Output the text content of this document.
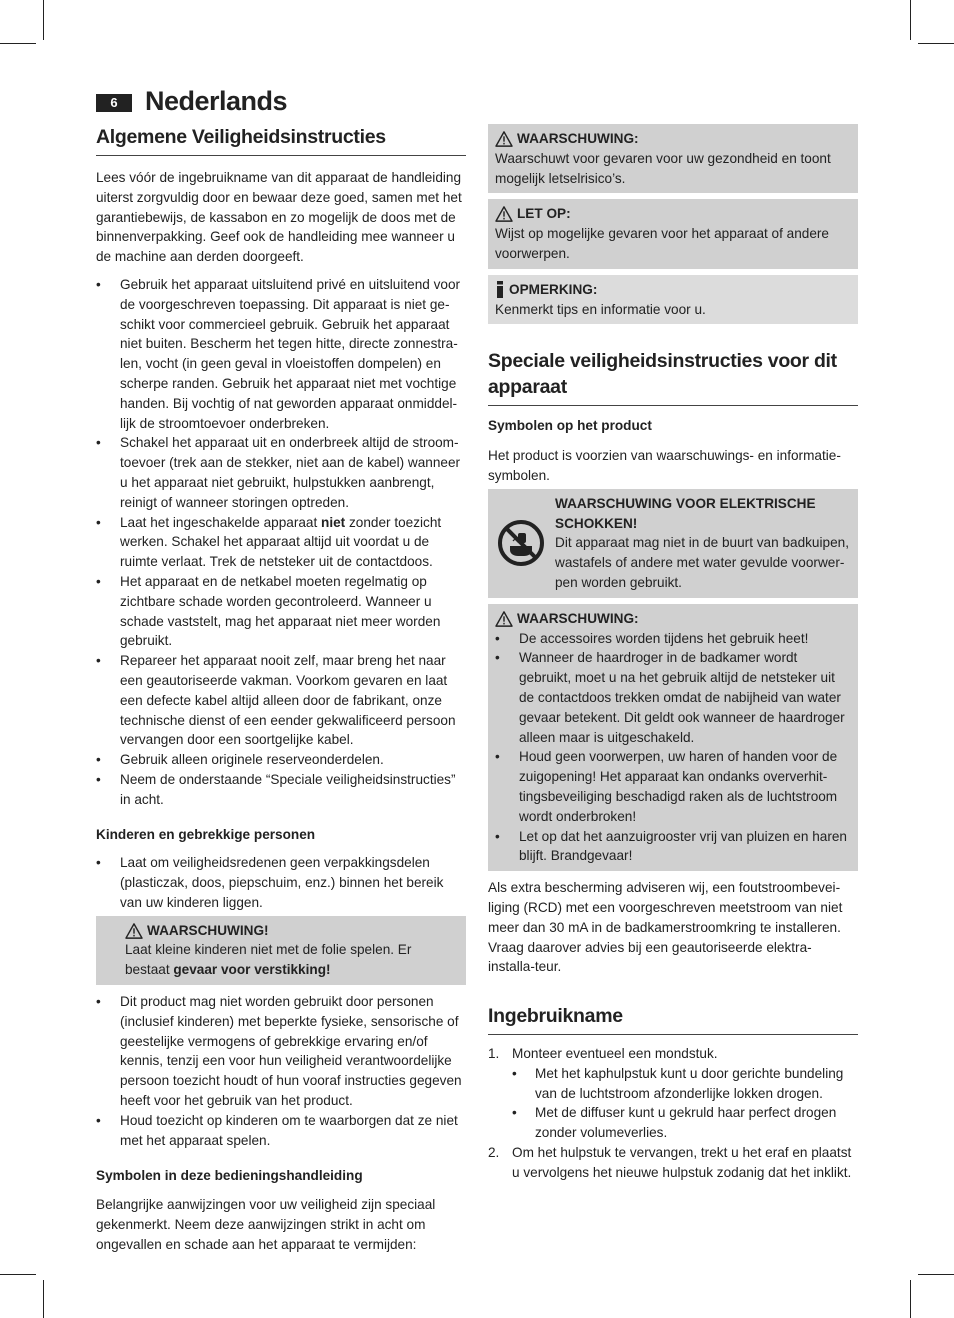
6	Nederlands
Algemene Veiligheidsinstructies

Lees vóór de ingebruikname van dit apparaat de handleiding uiterst zorgvuldig door en bewaar deze goed, samen met het garantiebewijs, de kassabon en zo mogelijk de doos met de binnenverpakking. Geef ook de handleiding mee wanneer u de machine aan derden doorgeeft.

• Gebruik het apparaat uitsluitend privé en uitsluitend voor de voorgeschreven toepassing. Dit apparaat is niet ge-schikt voor commercieel gebruik. Gebruik het apparaat niet buiten. Bescherm het tegen hitte, directe zonnestra-len, vocht (in geen geval in vloeistoffen dompelen) en scherpe randen. Gebruik het apparaat niet met vochtige handen. Bij vochtig of nat geworden apparaat onmiddel-lijk de stroomtoevoer onderbreken.
• Schakel het apparaat uit en onderbreek altijd de stroom-toevoer (trek aan de stekker, niet aan de kabel) wanneer u het apparaat niet gebruikt, hulpstukken aanbrengt, reinigt of wanneer storingen optreden.
• Laat het ingeschakelde apparaat niet zonder toezicht werken. Schakel het apparaat altijd uit voordat u de ruimte verlaat. Trek de netsteker uit de contactdoos.
• Het apparaat en de netkabel moeten regelmatig op zichtbare schade worden gecontroleerd. Wanneer u schade vaststelt, mag het apparaat niet meer worden gebruikt.
• Repareer het apparaat nooit zelf, maar breng het naar een geautoriseerde vakman. Voorkom gevaren en laat een defecte kabel altijd alleen door de fabrikant, onze technische dienst of een eender gekwalificeerd persoon vervangen door een soortgelijke kabel.
• Gebruik alleen originele reserveonderdelen.
• Neem de onderstaande “Speciale veiligheidsinstructies” in acht.
Kinderen en gebrekkige personen
• Laat om veiligheidsredenen geen verpakkingsdelen (plasticzak, doos, piepschuim, enz.) binnen het bereik van uw kinderen liggen.
WAARSCHUWING!
Laat kleine kinderen niet met de folie spelen. Er bestaat gevaar voor verstikking!
• Dit product mag niet worden gebruikt door personen (inclusief kinderen) met beperkte fysieke, sensorische of geestelijke vermogens of gebrekkige ervaring en/of kennis, tenzij een voor hun veiligheid verantwoordelijke persoon toezicht houdt of hun vooraf instructies gegeven heeft voor het gebruik van het product.
• Houd toezicht op kinderen om te waarborgen dat ze niet met het apparaat spelen.
Symbolen in deze bedieningshandleiding

Belangrijke aanwijzingen voor uw veiligheid zijn speciaal gekenmerkt. Neem deze aanwijzingen strikt in acht om ongevallen en schade aan het apparaat te vermijden:

WAARSCHUWING:
Waarschuwt voor gevaren voor uw gezondheid en toont mogelijk letselrisico’s.
LET OP:
Wijst op mogelijke gevaren voor het apparaat of andere voorwerpen.
OPMERKING:
Kenmerkt tips en informatie voor u.
Speciale veiligheidsinstructies voor dit apparaat
Symbolen op het product

Het product is voorzien van waarschuwings- en informatie-symbolen.

WAARSCHUWING VOOR ELEKTRISCHE SCHOKKEN!
Dit apparaat mag niet in de buurt van badkuipen, wastafels of andere met water gevulde voorwer-pen worden gebruikt.
WAARSCHUWING:
• De accessoires worden tijdens het gebruik heet!
• Wanneer de haardroger in de badkamer wordt gebruikt, moet u na het gebruik altijd de netsteker uit de contactdoos trekken omdat de nabijheid van water gevaar betekent. Dit geldt ook wanneer de haardroger alleen maar is uitgeschakeld.
• Houd geen voorwerpen, uw haren of handen voor de zuigopening! Het apparaat kan ondanks oververhit-tingsbeveiliging beschadigd raken als de luchtstroom wordt onderbroken!
• Let op dat het aanzuigrooster vrij van pluizen en haren blijft. Brandgevaar!

Als extra bescherming adviseren wij, een foutstroombevei-liging (RCD) met een voorgeschreven meetstroom van niet meer dan 30 mA in de badkamerstroomkring te installeren. Vraag daarover advies bij een geautoriseerde elektra-installa-teur.

Ingebruikname
1. Monteer eventueel een mondstuk.
• Met het kaphulpstuk kunt u door gerichte bundeling van de luchtstroom afzonderlijke lokken drogen.
• Met de diffuser kunt u gekruld haar perfect drogen zonder volumeverlies.
2. Om het hulpstuk te vervangen, trekt u het eraf en plaatst u vervolgens het nieuwe hulpstuk zodanig dat het inklikt.
